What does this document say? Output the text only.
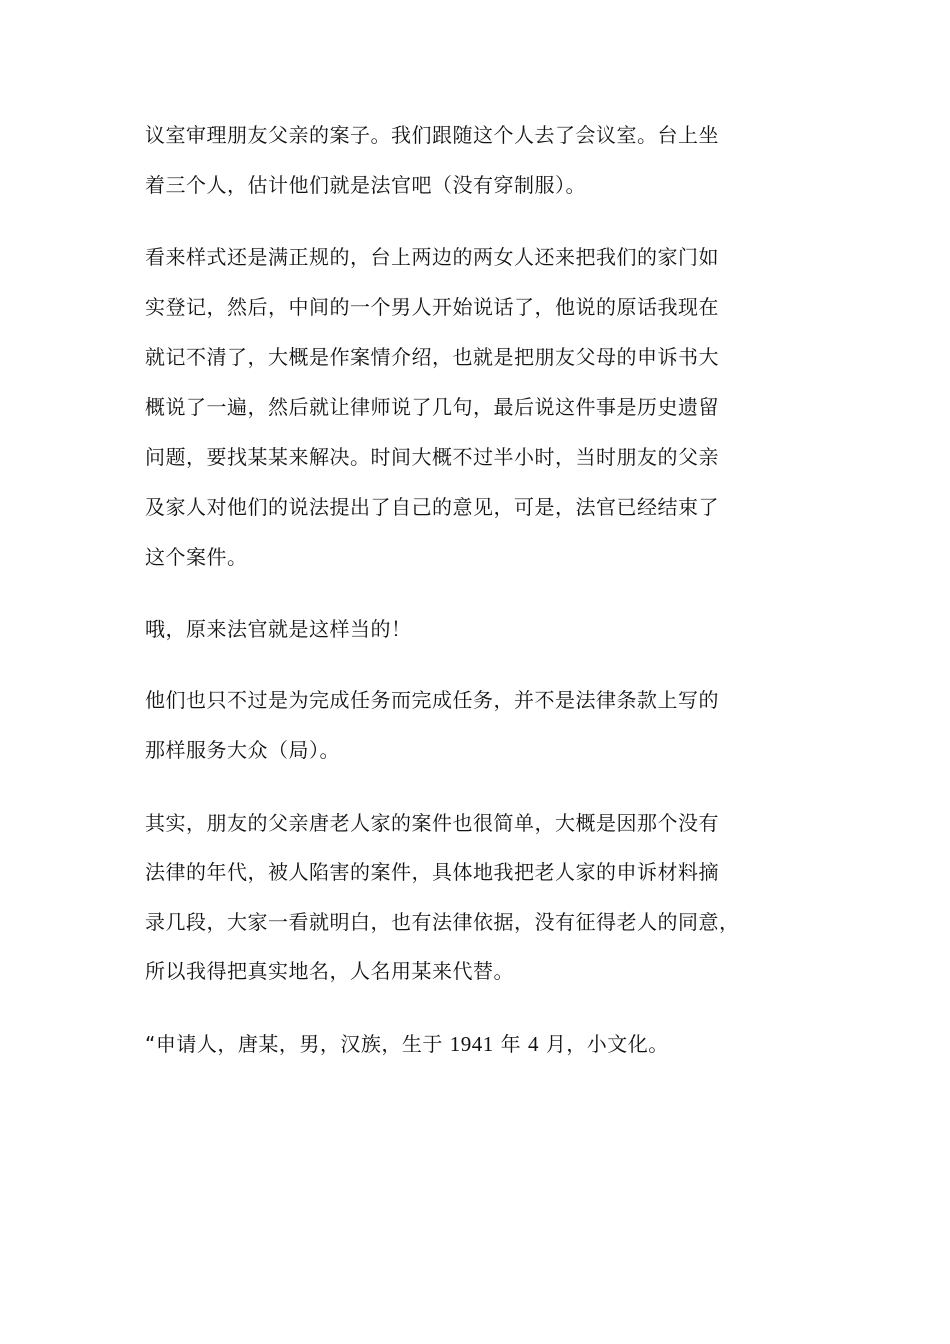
议室审理朋友父亲的案子。我们跟随这个人去了会议室。台上坐
着三个人，估计他们就是法官吧（没有穿制服）。
看来样式还是满正规的，台上两边的两女人还来把我们的家门如
实登记，然后，中间的一个男人开始说话了，他说的原话我现在
就记不清了，大概是作案情介绍，也就是把朋友父母的申诉书大
概说了一遍，然后就让律师说了几句，最后说这件事是历史遗留
问题，要找某某来解决。时间大概不过半小时，当时朋友的父亲
及家人对他们的说法提出了自己的意见，可是，法官已经结束了
这个案件。
哦，原来法官就是这样当的！
他们也只不过是为完成任务而完成任务，并不是法律条款上写的
那样服务大众（局）。
其实，朋友的父亲唐老人家的案件也很简单，大概是因那个没有
法律的年代，被人陷害的案件，具体地我把老人家的申诉材料摘
录几段，大家一看就明白，也有法律依据，没有征得老人的同意，
所以我得把真实地名，人名用某来代替。
“申请人，唐某，男，汉族，生于 1941 年 4 月，小文化。
